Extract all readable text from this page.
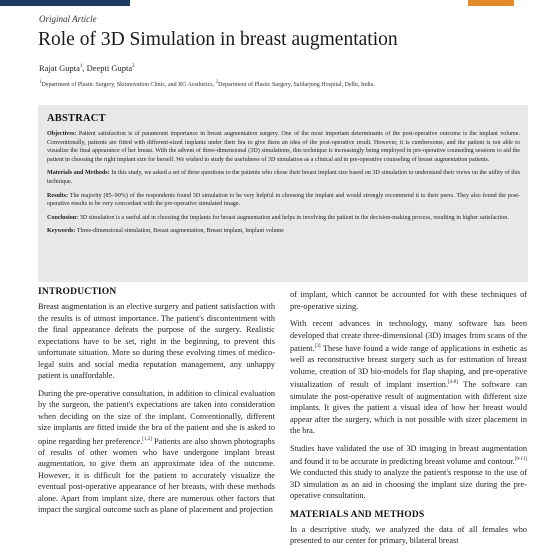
Original Article
Role of 3D Simulation in breast augmentation
Rajat Gupta$^1$, Deepti Gupta$^2$
$^1$Department of Plastic Surgery, Skinnovation Clinic, and RG Aesthetics, $^2$Department of Plastic Surgery, Safdarjung Hospital, Delhi, India.
ABSTRACT

Objectives: Patient satisfaction is of paramount importance in breast augmentation surgery. One of the most important determinants of the post-operative outcome is the implant volume. Conventionally, patients are fitted with different-sized implants under their bra to give them an idea of the post-operative result. However, it is cumbersome, and the patient is not able to visualize the final appearance of her breast. With the advent of three-dimensional (3D) simulations, this technique is increasingly being employed in pre-operative counseling sessions to aid the patient in choosing the right implant size for herself. We wished to study the usefulness of 3D simulation as a clinical aid in pre-operative counseling of breast augmentation patients.

Materials and Methods: In this study, we asked a set of three questions to the patients who chose their breast implant size based on 3D simulation to understand their views on the utility of this technique.

Results: The majority (85–90%) of the respondents found 3D simulation to be very helpful in choosing the implant and would strongly recommend it to their peers. They also found the post-operative results to be very concordant with the pre-operative simulated image.

Conclusion: 3D simulation is a useful aid in choosing the implants for breast augmentation and helps in involving the patient in the decision-making process, resulting in higher satisfaction.

Keywords: Three-dimensional simulation, Breast augmentation, Breast implant, Implant volume

INTRODUCTION

Breast augmentation is an elective surgery and patient satisfaction with the results is of utmost importance. The patient's discontentment with the final appearance defeats the purpose of the surgery. Realistic expectations have to be set, right in the beginning, to prevent this unfortunate situation. More so during these evolving times of medico-legal suits and social media reputation management, any unhappy patient is unaffordable.

During the pre-operative consultation, in addition to clinical evaluation by the surgeon, the patient's expectations are taken into consideration when deciding on the size of the implant. Conventionally, different size implants are fitted inside the bra of the patient and she is asked to opine regarding her preference.[1,2] Patients are also shown photographs of results of other women who have undergone implant breast augmentation, to give them an approximate idea of the outcome. However, it is difficult for the patient to accurately visualize the eventual post-operative appearance of her breasts, with these methods alone. Apart from implant size, there are numerous other factors that impact the surgical outcome such as plane of placement and projection

of implant, which cannot be accounted for with these techniques of pre-operative sizing.

With recent advances in technology, many software has been developed that create three-dimensional (3D) images from scans of the patient.[3] These have found a wide range of applications in esthetic as well as reconstructive breast surgery such as for estimation of breast volume, creation of 3D bio-models for flap shaping, and pre-operative visualization of result of implant insertion.[4-8] The software can simulate the post-operative result of augmentation with different size implants. It gives the patient a visual idea of how her breast would appear after the surgery, which is not possible with sizer placement in the bra.

Studies have validated the use of 3D imaging in breast augmentation and found it to be accurate in predicting breast volume and contour.[9-11] We conducted this study to analyze the patient's response to the use of 3D simulation as an aid in choosing the implant size during the pre-operative consultation.

MATERIALS AND METHODS

In a descriptive study, we analyzed the data of all females who presented to our center for primary, bilateral breast
